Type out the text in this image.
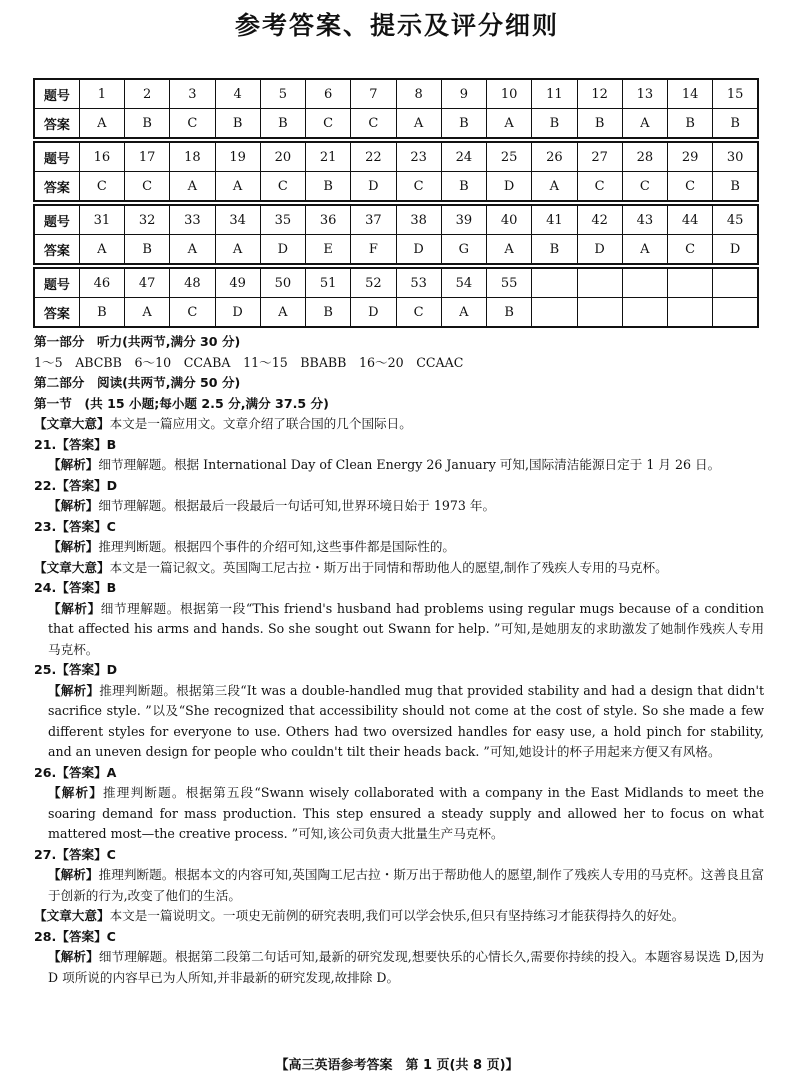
参考答案、提示及评分细则
题号	1	2	3	4	5	6	7	8	9	10	11	12	13	14	15
答案	A	B	C	B	B	C	C	A	B	A	B	B	A	B	B
题号	16	17	18	19	20	21	22	23	24	25	26	27	28	29	30
答案	C	C	A	A	C	B	D	C	B	D	A	C	C	C	B
题号	31	32	33	34	35	36	37	38	39	40	41	42	43	44	45
答案	A	B	A	A	D	E	F	D	G	A	B	D	A	C	D
题号	46	47	48	49	50	51	52	53	54	55					
答案	B	A	C	D	A	B	D	C	A	B					
第一部分　听力(共两节,满分 30 分)
1～5　ABCBB　6～10　CCABA　11～15　BBABB　16～20　CCAAC
第二部分　阅读(共两节,满分 50 分)
第一节　(共 15 小题;每小题 2.5 分,满分 37.5 分)
【文章大意】本文是一篇应用文。文章介绍了联合国的几个国际日。
21.【答案】B
【解析】细节理解题。根据 International Day of Clean Energy 26 January 可知,国际清洁能源日定于 1 月 26 日。
22.【答案】D
【解析】细节理解题。根据最后一段最后一句话可知,世界环境日始于 1973 年。
23.【答案】C
【解析】推理判断题。根据四个事件的介绍可知,这些事件都是国际性的。
【文章大意】本文是一篇记叙文。英国陶工尼古拉・斯万出于同情和帮助他人的愿望,制作了残疾人专用的马克杯。
24.【答案】B
【解析】细节理解题。根据第一段“This friend's husband had problems using regular mugs because of a condition that affected his arms and hands. So she sought out Swann for help. ”可知,是她朋友的求助激发了她制作残疾人专用马克杯。
25.【答案】D
【解析】推理判断题。根据第三段“It was a double-handled mug that provided stability and had a design that didn't sacrifice style. ”以及“She recognized that accessibility should not come at the cost of style. So she made a few different styles for everyone to use. Others had two oversized handles for easy use, a hold pinch for stability, and an uneven design for people who couldn't tilt their heads back. ”可知,她设计的杯子用起来方便又有风格。
26.【答案】A
【解析】推理判断题。根据第五段“Swann wisely collaborated with a company in the East Midlands to meet the soaring demand for mass production. This step ensured a steady supply and allowed her to focus on what mattered most—the creative process. ”可知,该公司负责大批量生产马克杯。
27.【答案】C
【解析】推理判断题。根据本文的内容可知,英国陶工尼古拉・斯万出于帮助他人的愿望,制作了残疾人专用的马克杯。这善良且富于创新的行为,改变了他们的生活。
【文章大意】本文是一篇说明文。一项史无前例的研究表明,我们可以学会快乐,但只有坚持练习才能获得持久的好处。
28.【答案】C
【解析】细节理解题。根据第二段第二句话可知,最新的研究发现,想要快乐的心情长久,需要你持续的投入。本题容易误选 D,因为 D 项所说的内容早已为人所知,并非最新的研究发现,故排除 D。
【高三英语参考答案　第 1 页(共 8 页)】
